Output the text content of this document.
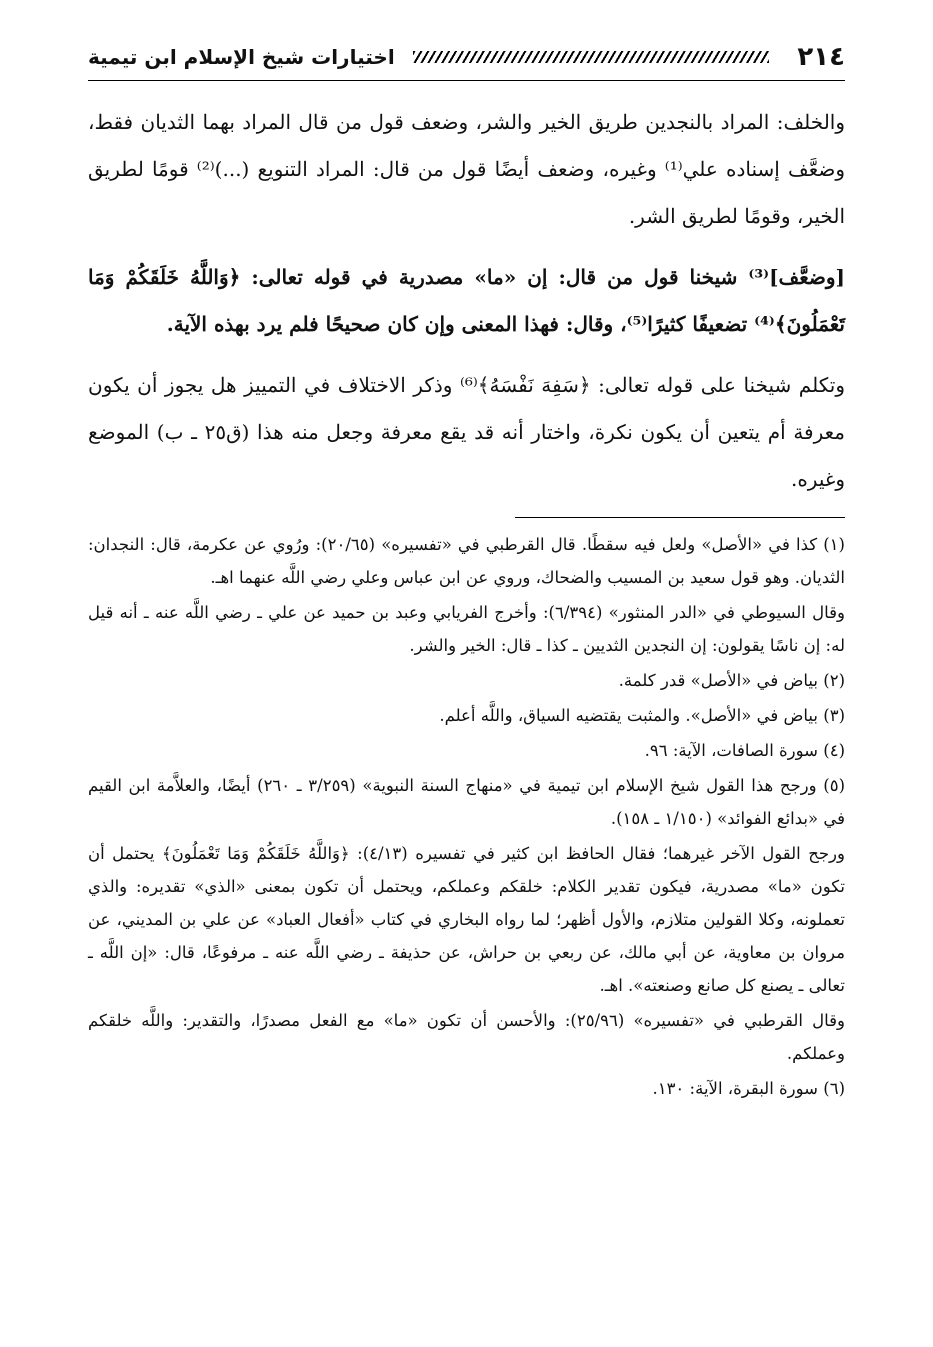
٢١٤
اختيارات شيخ الإسلام ابن تيمية

والخلف: المراد بالنجدين طريق الخير والشر، وضعف قول من قال المراد بهما الثديان فقط، وضعَّف إسناده علي⁽¹⁾ وغيره، وضعف أيضًا قول من قال: المراد التنويع (...)⁽²⁾ قومًا لطريق الخير، وقومًا لطريق الشر.

[وضعَّف]⁽³⁾ شيخنا قول من قال: إن «ما» مصدرية في قوله تعالى: ﴿وَاللَّهُ خَلَقَكُمْ وَمَا تَعْمَلُونَ﴾⁽⁴⁾ تضعيفًا كثيرًا⁽⁵⁾، وقال: فهذا المعنى وإن كان صحيحًا فلم يرد بهذه الآية.

وتكلم شيخنا على قوله تعالى: ﴿سَفِهَ نَفْسَهُ﴾⁽⁶⁾ وذكر الاختلاف في التمييز هل يجوز أن يكون معرفة أم يتعين أن يكون نكرة، واختار أنه قد يقع معرفة وجعل منه هذا (ق٢٥ ـ ب) الموضع وغيره.

(١) كذا في «الأصل» ولعل فيه سقطًا. قال القرطبي في «تفسيره» (٢٠/٦٥): ورُوي عن عكرمة، قال: النجدان: الثديان. وهو قول سعيد بن المسيب والضحاك، وروي عن ابن عباس وعلي رضي اللَّه عنهما اهـ.

وقال السيوطي في «الدر المنثور» (٦/٣٩٤): وأخرج الفريابي وعبد بن حميد عن علي ـ رضي اللَّه عنه ـ أنه قيل له: إن ناسًا يقولون: إن النجدين الثديين ـ كذا ـ قال: الخير والشر.

(٢) بياض في «الأصل» قدر كلمة.

(٣) بياض في «الأصل». والمثبت يقتضيه السياق، واللَّه أعلم.

(٤) سورة الصافات، الآية: ٩٦.

(٥) ورجح هذا القول شيخ الإسلام ابن تيمية في «منهاج السنة النبوية» (٣/٢٥٩ ـ ٢٦٠) أيضًا، والعلاَّمة ابن القيم في «بدائع الفوائد» (١/١٥٠ ـ ١٥٨).

ورجح القول الآخر غيرهما؛ فقال الحافظ ابن كثير في تفسيره (٤/١٣): ﴿وَاللَّهُ خَلَقَكُمْ وَمَا تَعْمَلُونَ﴾ يحتمل أن تكون «ما» مصدرية، فيكون تقدير الكلام: خلقكم وعملكم، ويحتمل أن تكون بمعنى «الذي» تقديره: والذي تعملونه، وكلا القولين متلازم، والأول أظهر؛ لما رواه البخاري في كتاب «أفعال العباد» عن علي بن المديني، عن مروان بن معاوية، عن أبي مالك، عن ربعي بن حراش، عن حذيفة ـ رضي اللَّه عنه ـ مرفوعًا، قال: «إن اللَّه ـ تعالى ـ يصنع كل صانع وصنعته». اهـ.

وقال القرطبي في «تفسيره» (٢٥/٩٦): والأحسن أن تكون «ما» مع الفعل مصدرًا، والتقدير: واللَّه خلقكم وعملكم.

(٦) سورة البقرة، الآية: ١٣٠.
